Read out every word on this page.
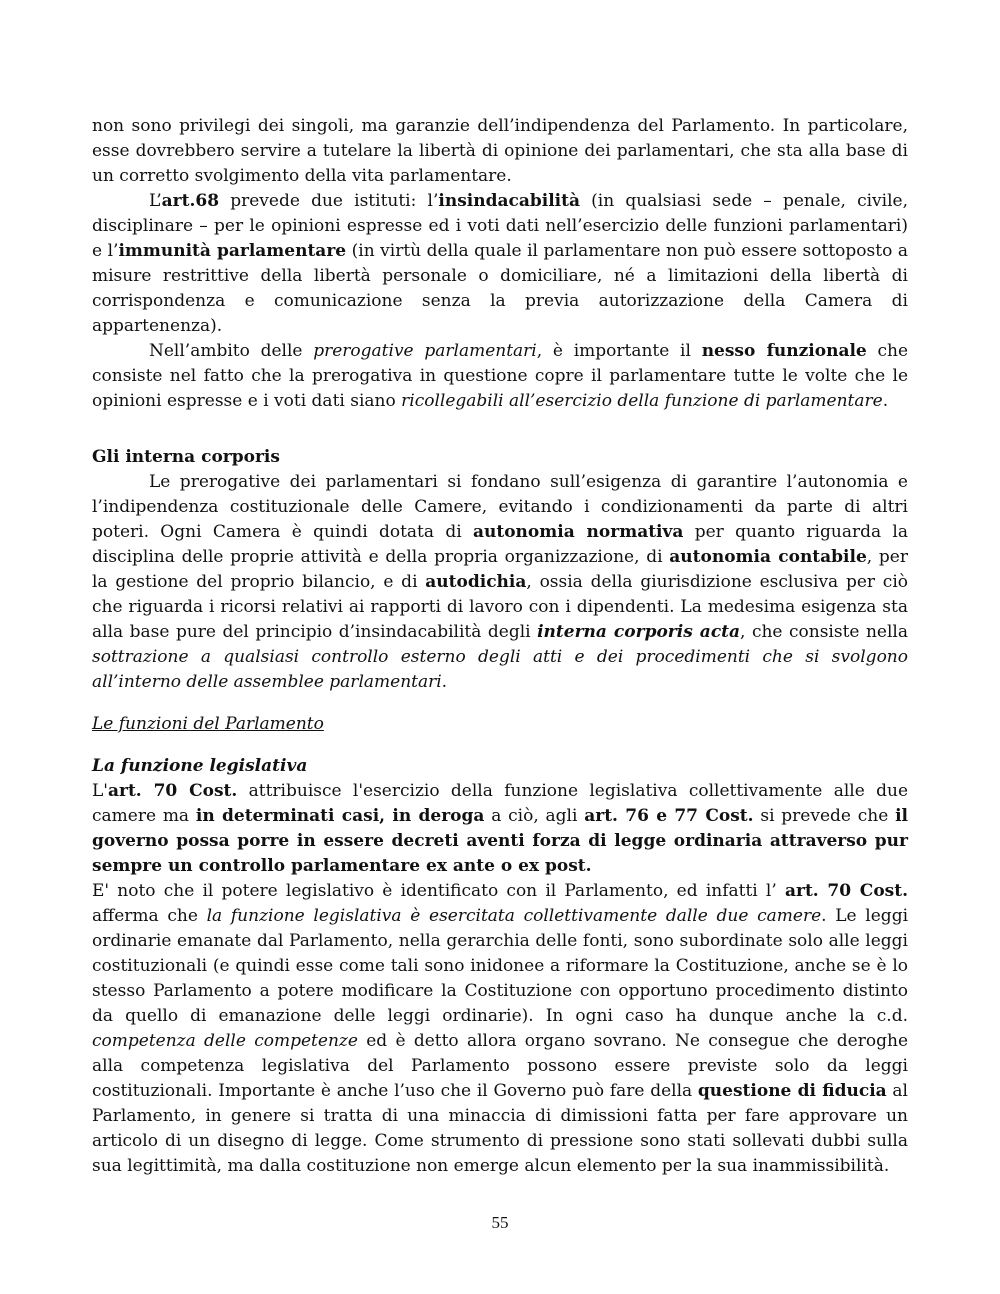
non sono privilegi dei singoli, ma garanzie dell’indipendenza del Parlamento. In particolare, esse dovrebbero servire a tutelare la libertà di opinione dei parlamentari, che sta alla base di un corretto svolgimento della vita parlamentare.

L’art.68 prevede due istituti: l’insindacabilità (in qualsiasi sede – penale, civile, disciplinare – per le opinioni espresse ed i voti dati nell’esercizio delle funzioni parlamentari) e l’immunità parlamentare (in virtù della quale il parlamentare non può essere sottoposto a misure restrittive della libertà personale o domiciliare, né a limitazioni della libertà di corrispondenza e comunicazione senza la previa autorizzazione della Camera di appartenenza).

Nell’ambito delle prerogative parlamentari, è importante il nesso funzionale che consiste nel fatto che la prerogativa in questione copre il parlamentare tutte le volte che le opinioni espresse e i voti dati siano ricollegabili all’esercizio della funzione di parlamentare.

Gli interna corporis

Le prerogative dei parlamentari si fondano sull’esigenza di garantire l’autonomia e l’indipendenza costituzionale delle Camere, evitando i condizionamenti da parte di altri poteri. Ogni Camera è quindi dotata di autonomia normativa per quanto riguarda la disciplina delle proprie attività e della propria organizzazione, di autonomia contabile, per la gestione del proprio bilancio, e di autodichia, ossia della giurisdizione esclusiva per ciò che riguarda i ricorsi relativi ai rapporti di lavoro con i dipendenti. La medesima esigenza sta alla base pure del principio d’insindacabilità degli interna corporis acta, che consiste nella sottrazione a qualsiasi controllo esterno degli atti e dei procedimenti che si svolgono all’interno delle assemblee parlamentari.

Le funzioni del Parlamento

La funzione legislativa

L'art. 70 Cost. attribuisce l'esercizio della funzione legislativa collettivamente alle due camere ma in determinati casi, in deroga a ciò, agli art. 76 e 77 Cost. si prevede che il governo possa porre in essere decreti aventi forza di legge ordinaria attraverso pur sempre un controllo parlamentare ex ante o ex post.

E' noto che il potere legislativo è identificato con il Parlamento, ed infatti l’ art. 70 Cost. afferma che la funzione legislativa è esercitata collettivamente dalle due camere. Le leggi ordinarie emanate dal Parlamento, nella gerarchia delle fonti, sono subordinate solo alle leggi costituzionali (e quindi esse come tali sono inidonee a riformare la Costituzione, anche se è lo stesso Parlamento a potere modificare la Costituzione con opportuno procedimento distinto da quello di emanazione delle leggi ordinarie). In ogni caso ha dunque anche la c.d. competenza delle competenze ed è detto allora organo sovrano. Ne consegue che deroghe alla competenza legislativa del Parlamento possono essere previste solo da leggi costituzionali. Importante è anche l’uso che il Governo può fare della questione di fiducia al Parlamento, in genere si tratta di una minaccia di dimissioni fatta per fare approvare un articolo di un disegno di legge. Come strumento di pressione sono stati sollevati dubbi sulla sua legittimità, ma dalla costituzione non emerge alcun elemento per la sua inammissibilità.

55
